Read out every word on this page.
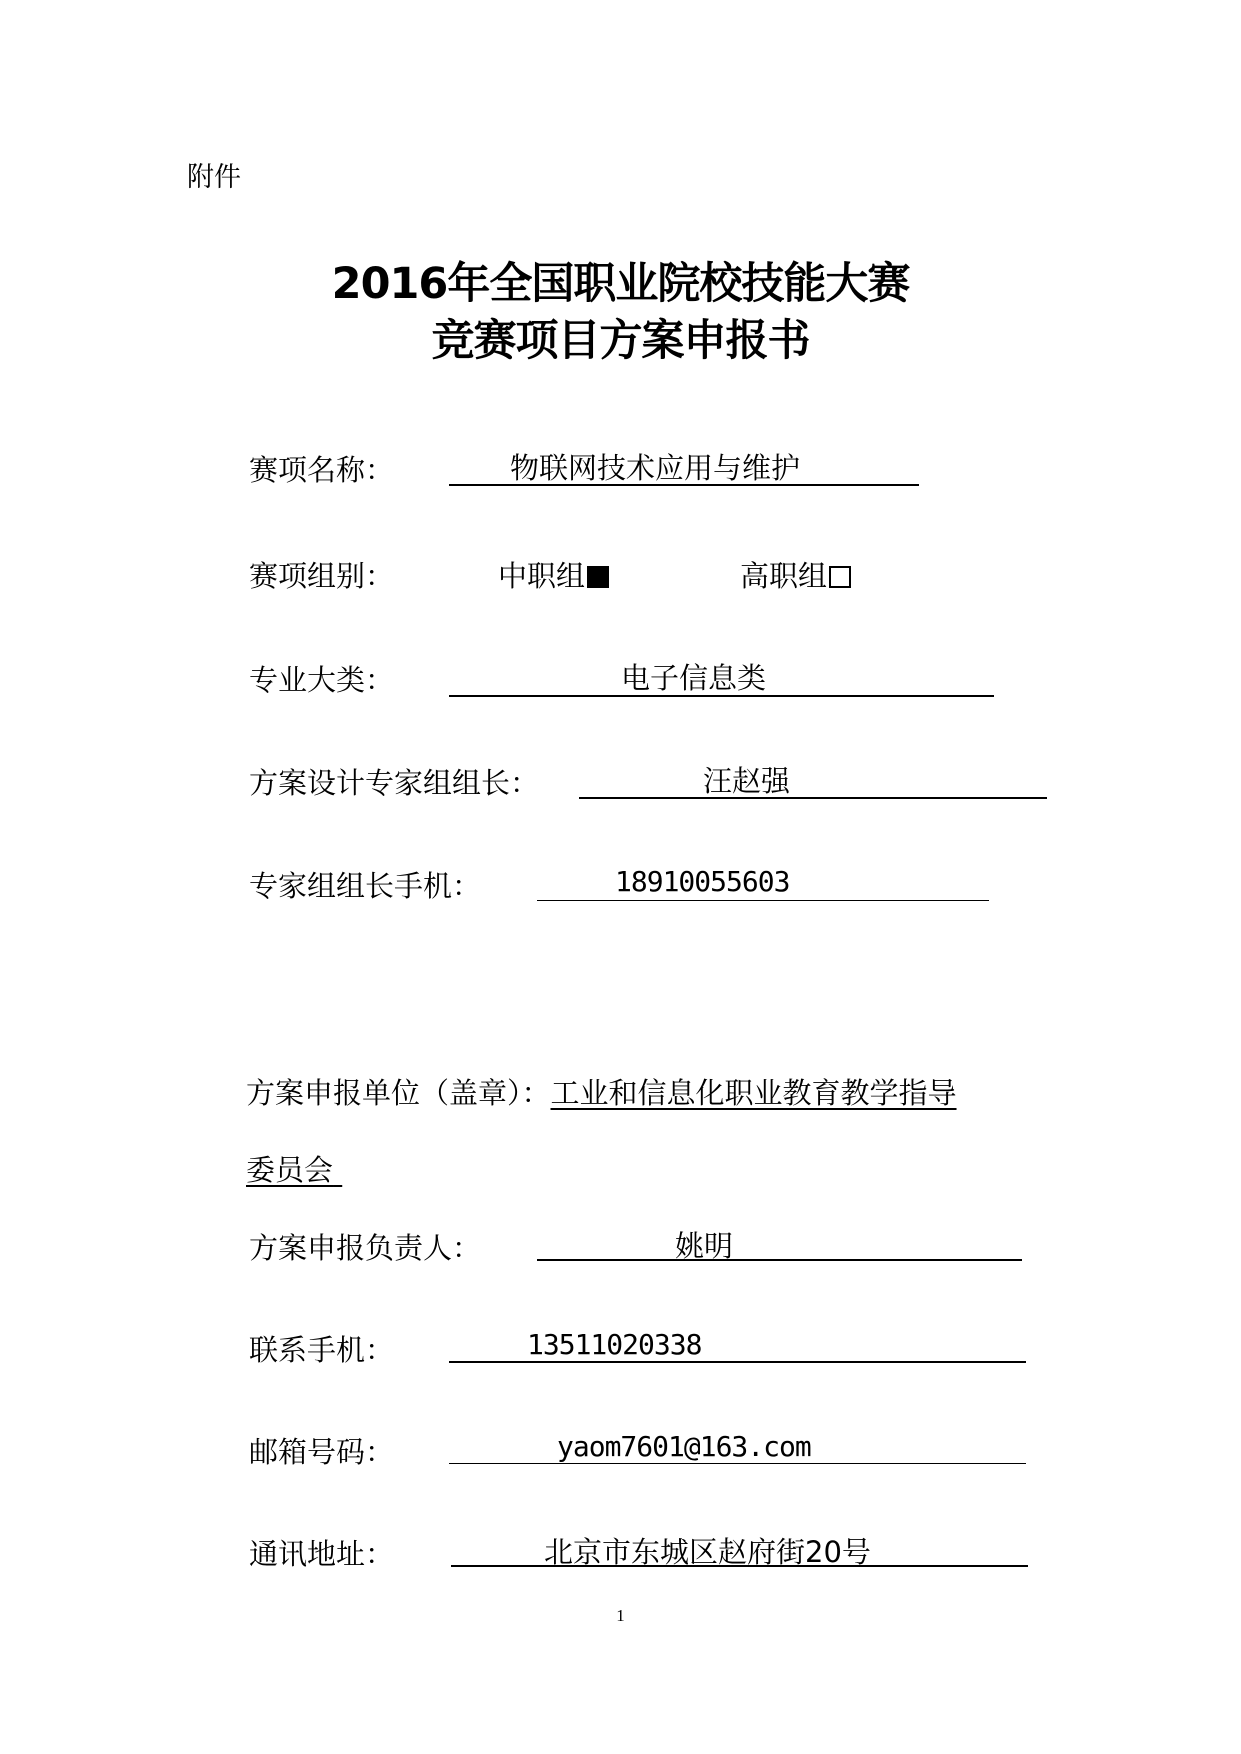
附件
2016年全国职业院校技能大赛
竞赛项目方案申报书
赛项名称：	物联网技术应用与维护
赛项组别：	中职组	高职组
专业大类：	电子信息类
方案设计专家组组长：	汪赵强
专家组组长手机：	18910055603
方案申报单位（盖章）：工业和信息化职业教育教学指导
委员会
方案申报负责人：	姚明
联系手机：	13511020338
邮箱号码：	yaom7601@163.com
通讯地址：	北京市东城区赵府街20号
1
